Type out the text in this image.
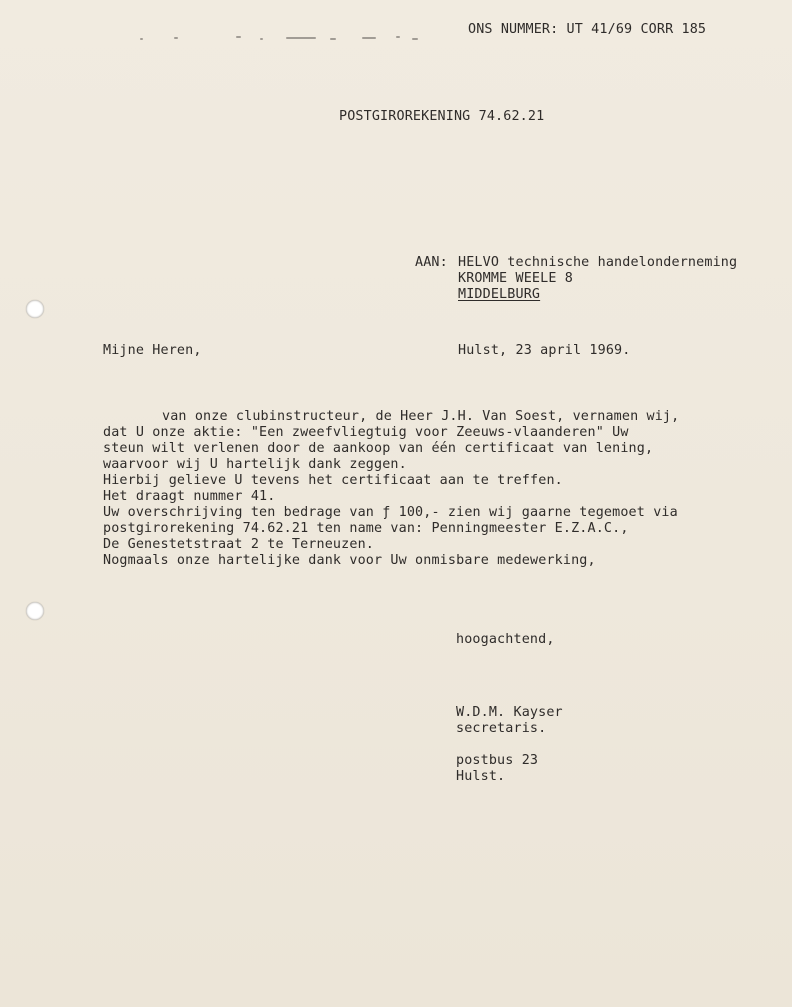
ONS NUMMER: UT 41/69 CORR 185
POSTGIROREKENING 74.62.21
AAN: HELVO technische handelonderneming
KROMME WEELE 8
MIDDELBURG
Mijne Heren,	Hulst, 23 april 1969.
van onze clubinstructeur, de Heer J.H. Van Soest, vernamen wij,
dat U onze aktie: "Een zweefvliegtuig voor Zeeuws-vlaanderen" Uw
steun wilt verlenen door de aankoop van één certificaat van lening,
waarvoor wij U hartelijk dank zeggen.
Hierbij gelieve U tevens het certificaat aan te treffen.
Het draagt nummer 41.
Uw overschrijving ten bedrage van ƒ 100,- zien wij gaarne tegemoet via
postgirorekening 74.62.21 ten name van: Penningmeester E.Z.A.C.,
De Genestetstraat 2 te Terneuzen.
Nogmaals onze hartelijke dank voor Uw onmisbare medewerking,
hoogachtend,
W.D.M. Kayser
secretaris.
postbus 23
Hulst.
